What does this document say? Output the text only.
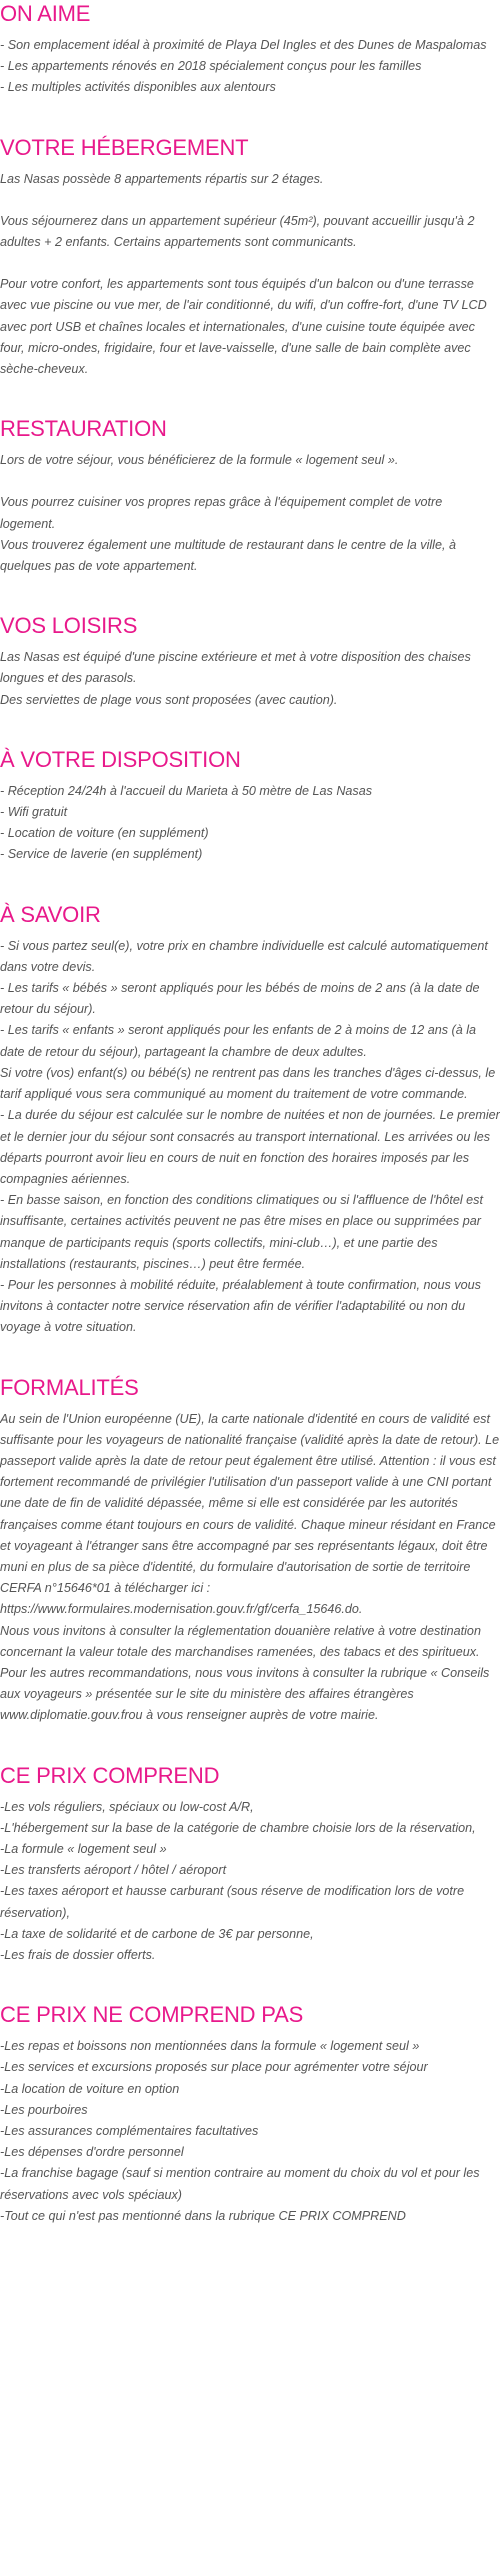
ON AIME

- Son emplacement idéal à proximité de Playa Del Ingles et des Dunes de Maspalomas
- Les appartements rénovés en 2018 spécialement conçus pour les familles
- Les multiples activités disponibles aux alentours

VOTRE HÉBERGEMENT

Las Nasas possède 8 appartements répartis sur 2 étages.

Vous séjournerez dans un appartement supérieur (45m²), pouvant accueillir jusqu'à 2 adultes + 2 enfants. Certains appartements sont communicants.

Pour votre confort, les appartements sont tous équipés d'un balcon ou d'une terrasse avec vue piscine ou vue mer, de l'air conditionné, du wifi, d'un coffre-fort, d'une TV LCD avec port USB et chaînes locales et internationales, d'une cuisine toute équipée avec four, micro-ondes, frigidaire, four et lave-vaisselle, d'une salle de bain complète avec sèche-cheveux.

RESTAURATION

Lors de votre séjour, vous bénéficierez de la formule « logement seul ».

Vous pourrez cuisiner vos propres repas grâce à l'équipement complet de votre logement.
Vous trouverez également une multitude de restaurant dans le centre de la ville, à quelques pas de vote appartement.

VOS LOISIRS

Las Nasas est équipé d'une piscine extérieure et met à votre disposition des chaises longues et des parasols.
Des serviettes de plage vous sont proposées (avec caution).

À VOTRE DISPOSITION

- Réception 24/24h à l'accueil du Marieta à 50 mètre de Las Nasas
- Wifi gratuit
- Location de voiture (en supplément)
- Service de laverie (en supplément)

À SAVOIR

- Si vous partez seul(e), votre prix en chambre individuelle est calculé automatiquement dans votre devis.
- Les tarifs « bébés » seront appliqués pour les bébés de moins de 2 ans (à la date de retour du séjour).
- Les tarifs « enfants » seront appliqués pour les enfants de 2 à moins de 12 ans (à la date de retour du séjour), partageant la chambre de deux adultes.
Si votre (vos) enfant(s) ou bébé(s) ne rentrent pas dans les tranches d'âges ci-dessus, le tarif appliqué vous sera communiqué au moment du traitement de votre commande.
- La durée du séjour est calculée sur le nombre de nuitées et non de journées. Le premier et le dernier jour du séjour sont consacrés au transport international. Les arrivées ou les départs pourront avoir lieu en cours de nuit en fonction des horaires imposés par les compagnies aériennes.
- En basse saison, en fonction des conditions climatiques ou si l'affluence de l'hôtel est insuffisante, certaines activités peuvent ne pas être mises en place ou supprimées par manque de participants requis (sports collectifs, mini-club…), et une partie des installations (restaurants, piscines…) peut être fermée.
- Pour les personnes à mobilité réduite, préalablement à toute confirmation, nous vous invitons à contacter notre service réservation afin de vérifier l'adaptabilité ou non du voyage à votre situation.

FORMALITÉS

Au sein de l'Union européenne (UE), la carte nationale d'identité en cours de validité est suffisante pour les voyageurs de nationalité française (validité après la date de retour). Le passeport valide après la date de retour peut également être utilisé. Attention : il vous est fortement recommandé de privilégier l'utilisation d'un passeport valide à une CNI portant une date de fin de validité dépassée, même si elle est considérée par les autorités françaises comme étant toujours en cours de validité. Chaque mineur résidant en France et voyageant à l'étranger sans être accompagné par ses représentants légaux, doit être muni en plus de sa pièce d'identité, du formulaire d'autorisation de sortie de territoire CERFA n°15646*01 à télécharger ici : https://www.formulaires.modernisation.gouv.fr/gf/cerfa_15646.do.
Nous vous invitons à consulter la réglementation douanière relative à votre destination concernant la valeur totale des marchandises ramenées, des tabacs et des spiritueux.
Pour les autres recommandations, nous vous invitons à consulter la rubrique « Conseils aux voyageurs » présentée sur le site du ministère des affaires étrangères www.diplomatie.gouv.frou à vous renseigner auprès de votre mairie.

CE PRIX COMPREND

-Les vols réguliers, spéciaux ou low-cost A/R,
-L'hébergement sur la base de la catégorie de chambre choisie lors de la réservation,
-La formule « logement seul »
-Les transferts aéroport / hôtel / aéroport
-Les taxes aéroport et hausse carburant (sous réserve de modification lors de votre réservation),
-La taxe de solidarité et de carbone de 3€ par personne,
-Les frais de dossier offerts.

CE PRIX NE COMPREND PAS

-Les repas et boissons non mentionnées dans la formule « logement seul »
-Les services et excursions proposés sur place pour agrémenter votre séjour
-La location de voiture en option
-Les pourboires
-Les assurances complémentaires facultatives
-Les dépenses d'ordre personnel
-La franchise bagage (sauf si mention contraire au moment du choix du vol et pour les réservations avec vols spéciaux)
-Tout ce qui n'est pas mentionné dans la rubrique CE PRIX COMPREND
